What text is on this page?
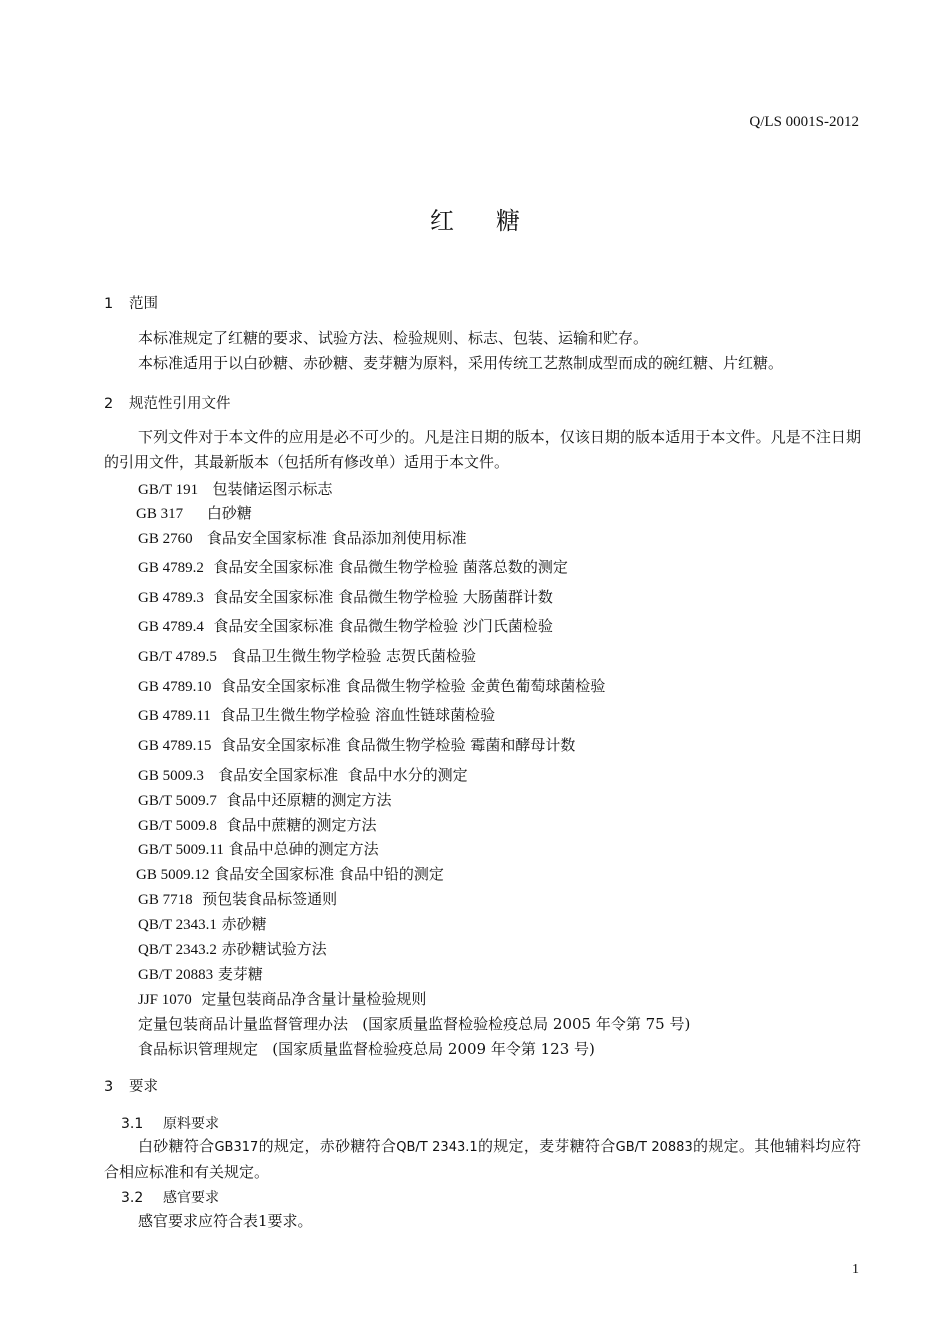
Q/LS 0001S-2012
红 糖
1 范围
本标准规定了红糖的要求、试验方法、检验规则、标志、包装、运输和贮存。
本标准适用于以白砂糖、赤砂糖、麦芽糖为原料，采用传统工艺熬制成型而成的碗红糖、片红糖。
2 规范性引用文件
下列文件对于本文件的应用是必不可少的。凡是注日期的版本，仅该日期的版本适用于本文件。凡是不注日期的引用文件，其最新版本（包括所有修改单）适用于本文件。
GB/T 191   包装储运图示标志
GB 317     白砂糖
GB 2760   食品安全国家标准 食品添加剂使用标准
GB 4789.2  食品安全国家标准 食品微生物学检验 菌落总数的测定
GB 4789.3  食品安全国家标准 食品微生物学检验 大肠菌群计数
GB 4789.4  食品安全国家标准 食品微生物学检验 沙门氏菌检验
GB/T 4789.5   食品卫生微生物学检验 志贺氏菌检验
GB 4789.10  食品安全国家标准 食品微生物学检验 金黄色葡萄球菌检验
GB 4789.11  食品卫生微生物学检验 溶血性链球菌检验
GB 4789.15  食品安全国家标准 食品微生物学检验 霉菌和酵母计数
GB 5009.3   食品安全国家标准  食品中水分的测定
GB/T 5009.7  食品中还原糖的测定方法
GB/T 5009.8  食品中蔗糖的测定方法
GB/T 5009.11 食品中总砷的测定方法
GB 5009.12 食品安全国家标准 食品中铅的测定
GB 7718  预包装食品标签通则
QB/T 2343.1 赤砂糖
QB/T 2343.2 赤砂糖试验方法
GB/T 20883 麦芽糖
JJF 1070  定量包装商品净含量计量检验规则
定量包装商品计量监督管理办法   (国家质量监督检验检疫总局 2005 年令第 75 号)
食品标识管理规定   (国家质量监督检验疫总局 2009 年令第 123 号)
3 要求
3.1 原料要求
白砂糖符合GB317的规定，赤砂糖符合QB/T 2343.1的规定，麦芽糖符合GB/T 20883的规定。其他辅料均应符合相应标准和有关规定。
3.2 感官要求
感官要求应符合表1要求。
1
